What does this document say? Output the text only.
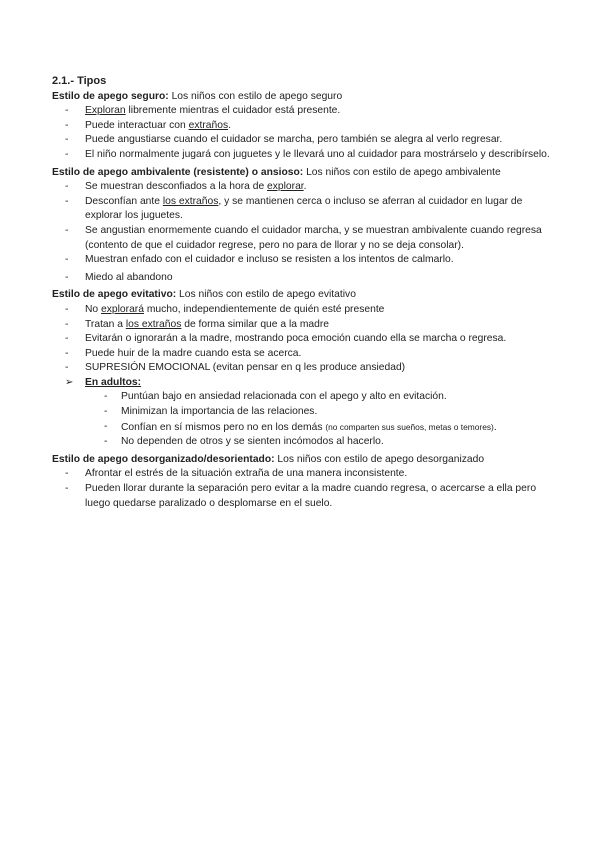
2.1.- Tipos
Estilo de apego seguro: Los niños con estilo de apego seguro
- Exploran libremente mientras el cuidador está presente.
- Puede interactuar con extraños.
- Puede angustiarse cuando el cuidador se marcha, pero también se alegra al verlo regresar.
- El niño normalmente jugará con juguetes y le llevará uno al cuidador para mostrárselo y describírselo.
Estilo de apego ambivalente (resistente) o ansioso: Los niños con estilo de apego ambivalente
- Se muestran desconfiados a la hora de explorar.
- Desconfían ante los extraños, y se mantienen cerca o incluso se aferran al cuidador en lugar de explorar los juguetes.
- Se angustian enormemente cuando el cuidador marcha, y se muestran ambivalente cuando regresa (contento de que el cuidador regrese, pero no para de llorar y no se deja consolar).
- Muestran enfado con el cuidador e incluso se resisten a los intentos de calmarlo.
- Miedo al abandono
Estilo de apego evitativo: Los niños con estilo de apego evitativo
- No explorará mucho, independientemente de quién esté presente
- Tratan a los extraños de forma similar que a la madre
- Evitarán o ignorarán a la madre, mostrando poca emoción cuando ella se marcha o regresa.
- Puede huir de la madre cuando esta se acerca.
- SUPRESIÓN EMOCIONAL (evitan pensar en q les produce ansiedad)
➢ En adultos:
- Puntúan bajo en ansiedad relacionada con el apego y alto en evitación.
- Minimizan la importancia de las relaciones.
- Confían en sí mismos pero no en los demás (no comparten sus sueños, metas o temores).
- No dependen de otros y se sienten incómodos al hacerlo.
Estilo de apego desorganizado/desorientado: Los niños con estilo de apego desorganizado
- Afrontar el estrés de la situación extraña de una manera inconsistente.
- Pueden llorar durante la separación pero evitar a la madre cuando regresa, o acercarse a ella pero luego quedarse paralizado o desplomarse en el suelo.
